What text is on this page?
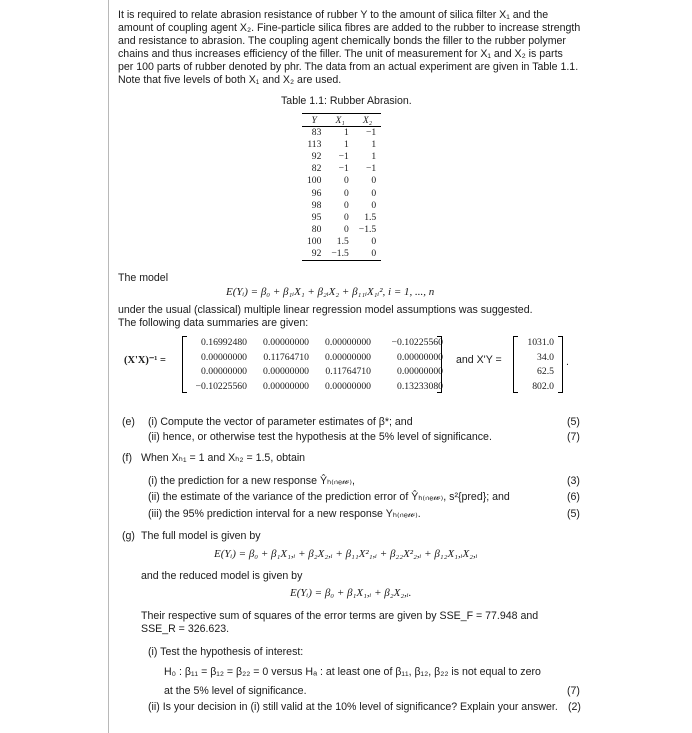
It is required to relate abrasion resistance of rubber Y to the amount of silica filter X₁ and the
amount of coupling agent X₂. Fine-particle silica fibres are added to the rubber to increase strength
and resistance to abrasion. The coupling agent chemically bonds the filler to the rubber polymer
chains and thus increases efficiency of the filler. The unit of measurement for X₁ and X₂ is parts
per 100 parts of rubber denoted by phr. The data from an actual experiment are given in Table 1.1.
Note that five levels of both X₁ and X₂ are used.
Table 1.1: Rubber Abrasion.
Y	X₁	X₂
83	1	−1
113	1	1
92	−1	1
82	−1	−1
100	0	0
96	0	0
98	0	0
95	0	1.5
80	0	−1.5
100	1.5	0
92	−1.5	0
The model
E(Yᵢ) = β₀ + β₁ᵢX₁ + β₂ᵢX₂ + β₁₁ᵢX₁ᵢ², i = 1, ..., n
under the usual (classical) multiple linear regression model assumptions was suggested.
The following data summaries are given:
(X'X)⁻¹ =
0.16992480	0.00000000	0.00000000	−0.10225560
0.00000000	0.11764710	0.00000000	0.00000000
0.00000000	0.00000000	0.11764710	0.00000000
−0.10225560	0.00000000	0.00000000	0.13233080
and X'Y =
1031.0
34.0
62.5
802.0
.
(e) (i) Compute the vector of parameter estimates of β*; and	(5)
(ii) hence, or otherwise test the hypothesis at the 5% level of significance.	(7)
(f) When Xₕ₁ = 1 and Xₕ₂ = 1.5, obtain
(i) the prediction for a new response Ŷₕ₍ₙₑ𝓌₎,	(3)
(ii) the estimate of the variance of the prediction error of Ŷₕ₍ₙₑ𝓌₎, s²{pred}; and	(6)
(iii) the 95% prediction interval for a new response Yₕ₍ₙₑ𝓌₎.	(5)
(g) The full model is given by
E(Yᵢ) = β₀ + β₁X₁,ᵢ + β₂X₂,ᵢ + β₁₁X²₁,ᵢ + β₂₂X²₂,ᵢ + β₁₂X₁,ᵢX₂,ᵢ
and the reduced model is given by
E(Yᵢ) = β₀ + β₁X₁,ᵢ + β₂X₂,ᵢ.
Their respective sum of squares of the error terms are given by SSE_F = 77.948 and
SSE_R = 326.623.
(i) Test the hypothesis of interest:
H₀ : β₁₁ = β₁₂ = β₂₂ = 0 versus Hₐ : at least one of β₁₁, β₁₂, β₂₂ is not equal to zero
at the 5% level of significance.	(7)
(ii) Is your decision in (i) still valid at the 10% level of significance? Explain your answer. (2)
